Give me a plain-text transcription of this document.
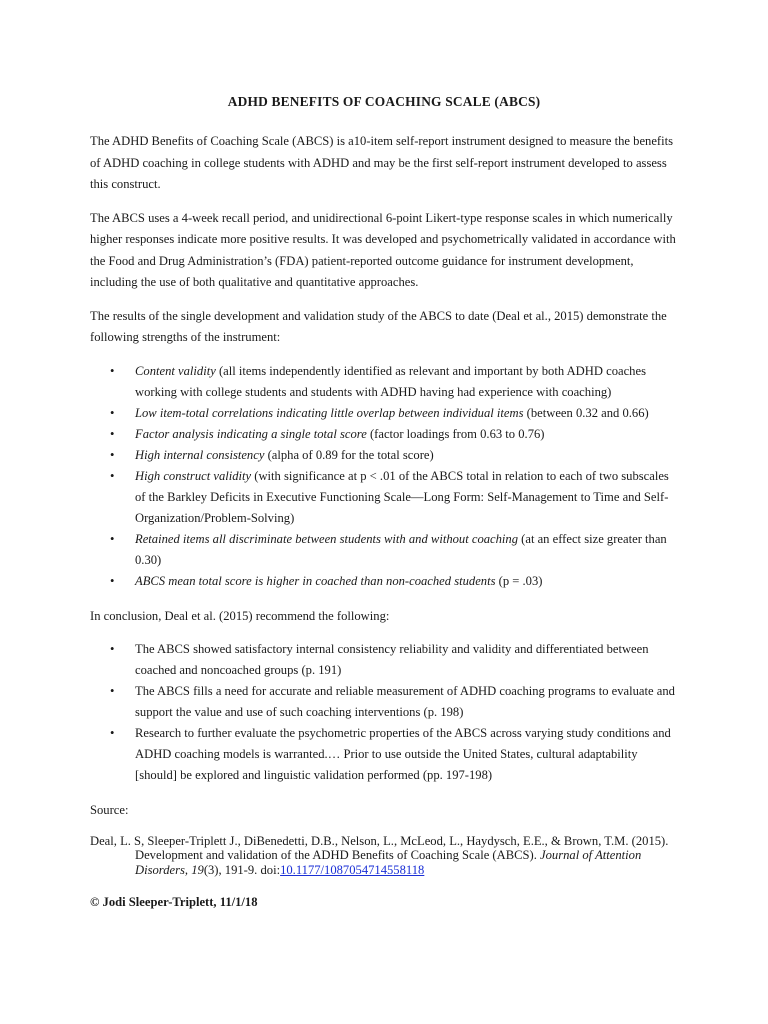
ADHD BENEFITS OF COACHING SCALE (ABCS)

The ADHD Benefits of Coaching Scale (ABCS) is a10-item self-report instrument designed to measure the benefits of ADHD coaching in college students with ADHD and may be the first self-report instrument developed to assess this construct.

The ABCS uses a 4-week recall period, and unidirectional 6-point Likert-type response scales in which numerically higher responses indicate more positive results. It was developed and psychometrically validated in accordance with the Food and Drug Administration’s (FDA) patient-reported outcome guidance for instrument development, including the use of both qualitative and quantitative approaches.

The results of the single development and validation study of the ABCS to date (Deal et al., 2015) demonstrate the following strengths of the instrument:

• Content validity (all items independently identified as relevant and important by both ADHD coaches working with college students and students with ADHD having had experience with coaching)
• Low item-total correlations indicating little overlap between individual items (between 0.32 and 0.66)
• Factor analysis indicating a single total score (factor loadings from 0.63 to 0.76)
• High internal consistency (alpha of 0.89 for the total score)
• High construct validity (with significance at p < .01 of the ABCS total in relation to each of two subscales of the Barkley Deficits in Executive Functioning Scale—Long Form: Self-Management to Time and Self-Organization/Problem-Solving)
• Retained items all discriminate between students with and without coaching (at an effect size greater than 0.30)
• ABCS mean total score is higher in coached than non-coached students (p = .03)

In conclusion, Deal et al. (2015) recommend the following:

• The ABCS showed satisfactory internal consistency reliability and validity and differentiated between coached and noncoached groups (p. 191)
• The ABCS fills a need for accurate and reliable measurement of ADHD coaching programs to evaluate and support the value and use of such coaching interventions (p. 198)
• Research to further evaluate the psychometric properties of the ABCS across varying study conditions and ADHD coaching models is warranted.… Prior to use outside the United States, cultural adaptability [should] be explored and linguistic validation performed (pp. 197-198)

Source:

Deal, L. S, Sleeper-Triplett J., DiBenedetti, D.B., Nelson, L., McLeod, L., Haydysch, E.E., & Brown, T.M. (2015). Development and validation of the ADHD Benefits of Coaching Scale (ABCS). Journal of Attention Disorders, 19(3), 191-9. doi:10.1177/108705471455811​8

© Jodi Sleeper-Triplett, 11/1/18
